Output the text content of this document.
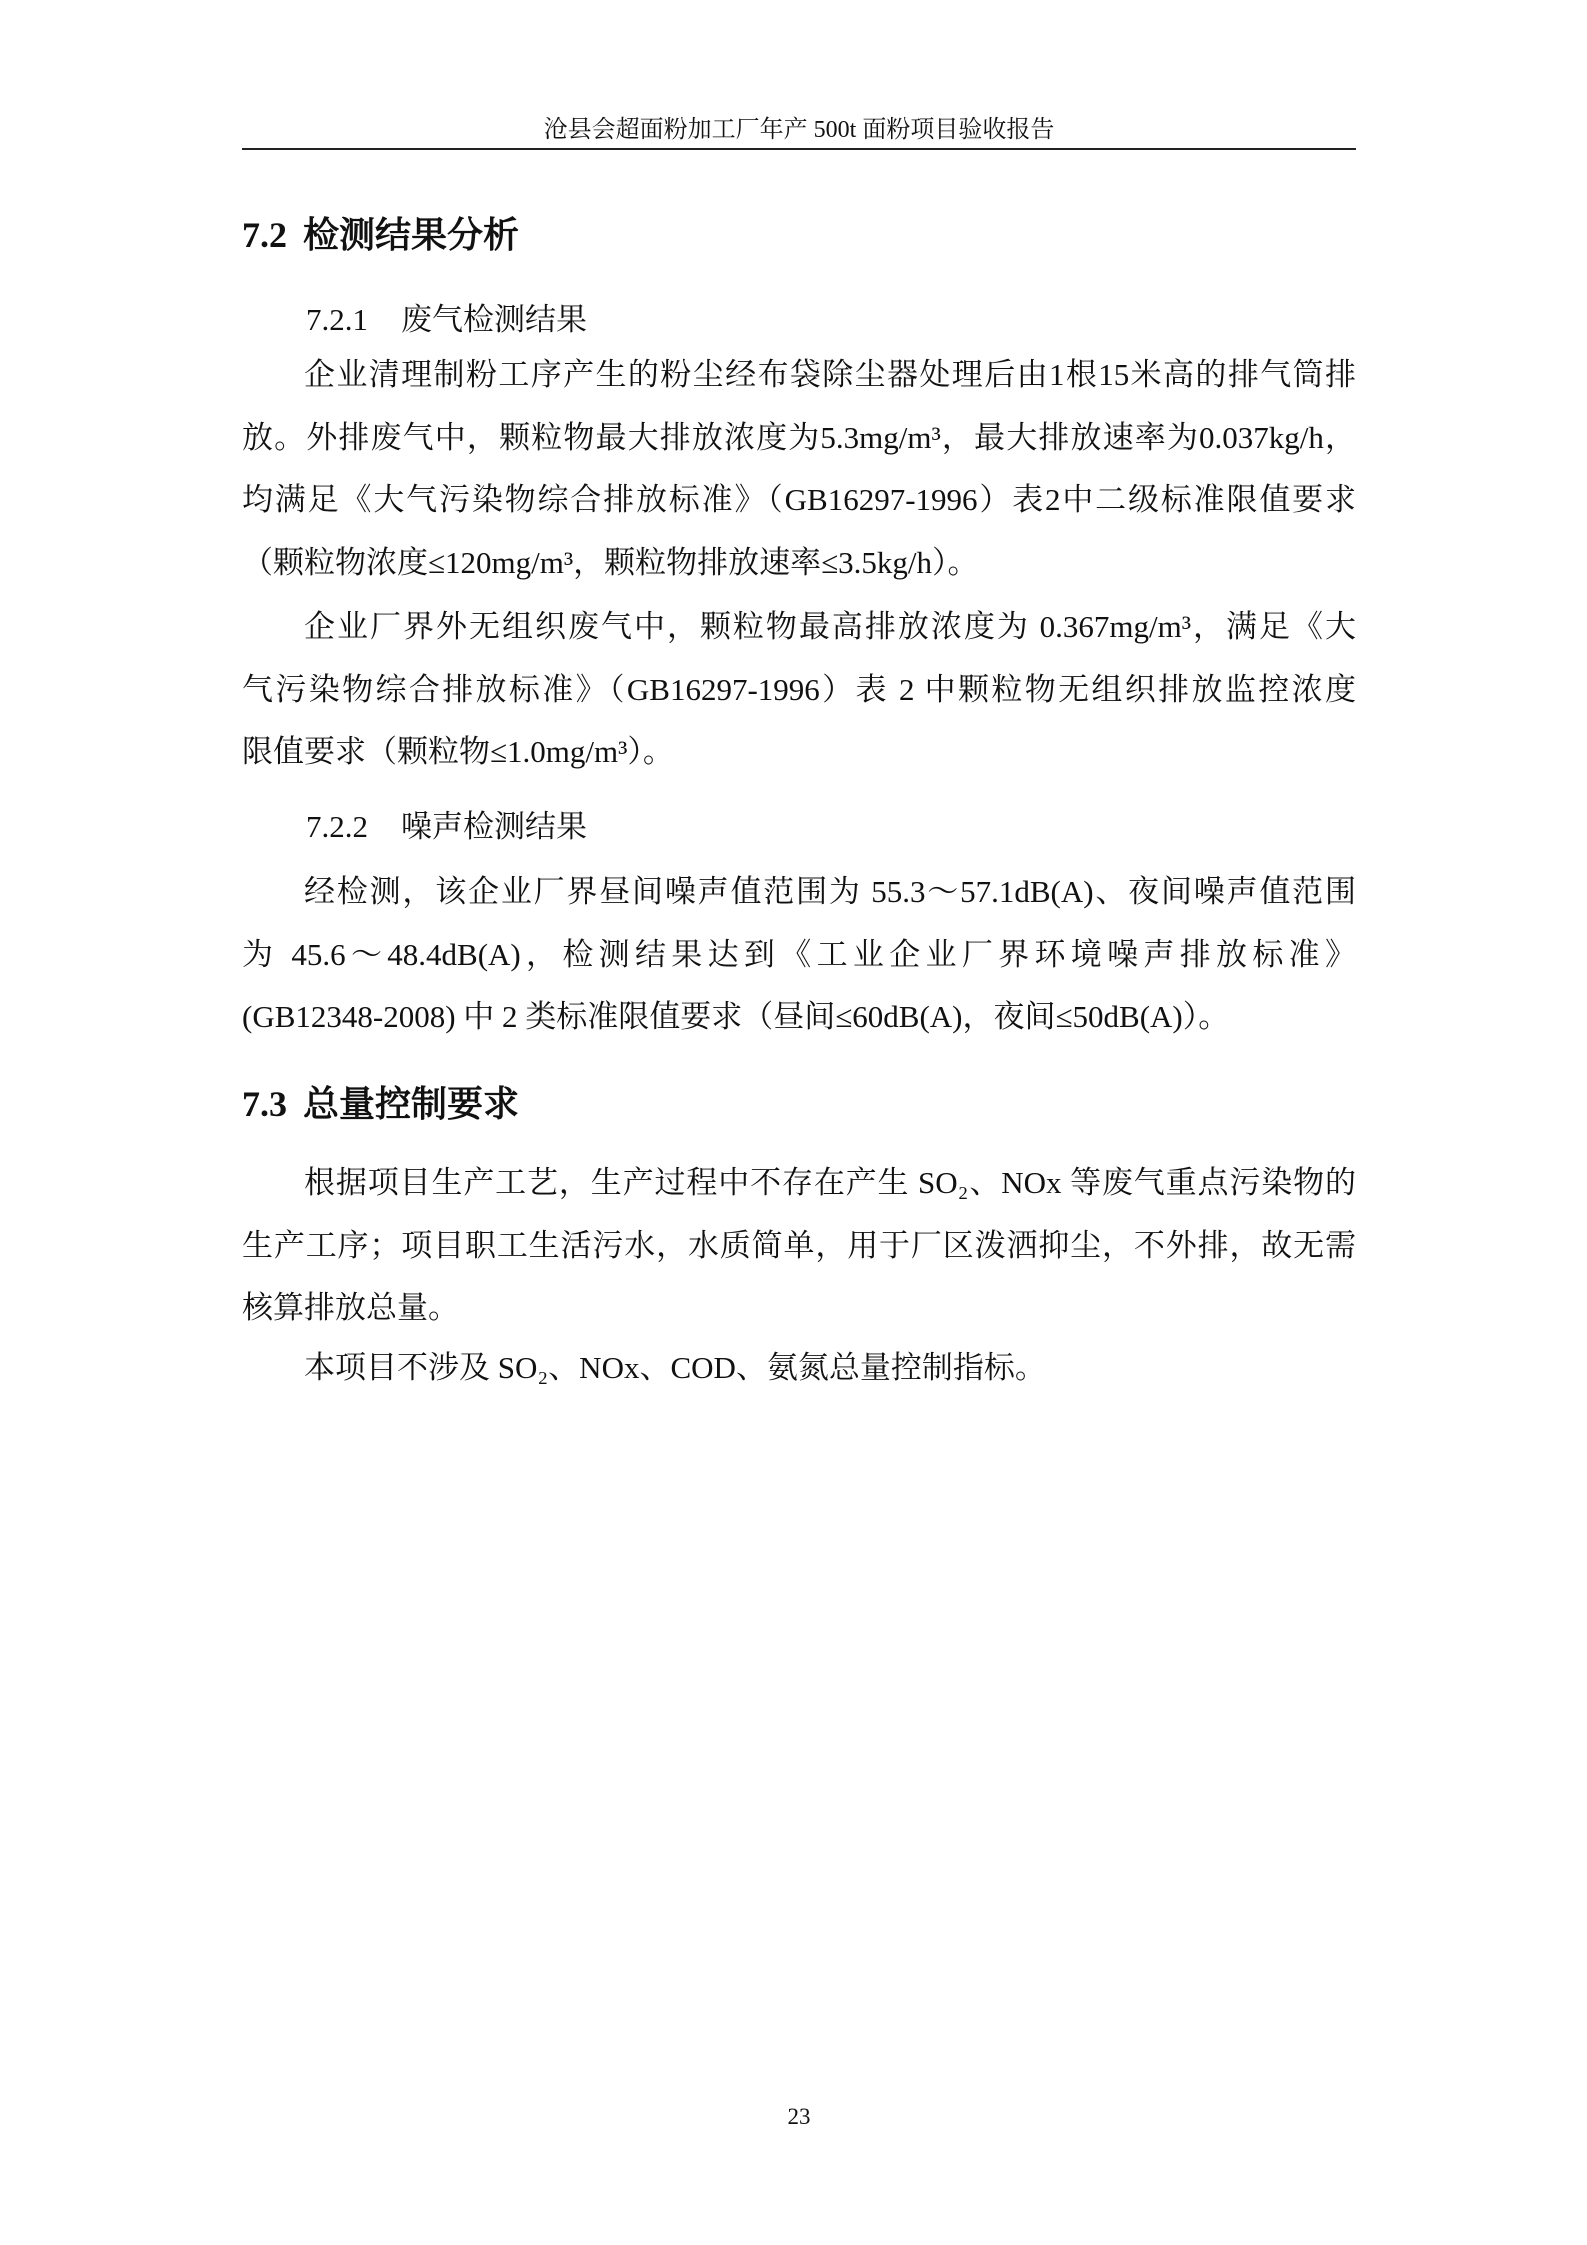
沧县会超面粉加工厂年产 500t 面粉项目验收报告
7.2 检测结果分析
7.2.1 废气检测结果
企业清理制粉工序产生的粉尘经布袋除尘器处理后由1根15米高的排气筒排
放。外排废气中，颗粒物最大排放浓度为5.3mg/m³，最大排放速率为0.037kg/h，
均满足《大气污染物综合排放标准》（GB16297-1996）表2中二级标准限值要求
（颗粒物浓度≤120mg/m³，颗粒物排放速率≤3.5kg/h）。
企业厂界外无组织废气中，颗粒物最高排放浓度为 0.367mg/m³，满足《大
气污染物综合排放标准》（GB16297-1996）表 2 中颗粒物无组织排放监控浓度
限值要求（颗粒物≤1.0mg/m³）。
7.2.2 噪声检测结果
经检测，该企业厂界昼间噪声值范围为 55.3～57.1dB(A)、夜间噪声值范围
为 45.6～48.4dB(A)，检测结果达到《工业企业厂界环境噪声排放标准》
(GB12348-2008) 中 2 类标准限值要求（昼间≤60dB(A)，夜间≤50dB(A)）。
7.3 总量控制要求
根据项目生产工艺，生产过程中不存在产生 SO₂、NOx 等废气重点污染物的
生产工序；项目职工生活污水，水质简单，用于厂区泼洒抑尘，不外排，故无需
核算排放总量。
本项目不涉及 SO₂、NOx、COD、氨氮总量控制指标。
23
